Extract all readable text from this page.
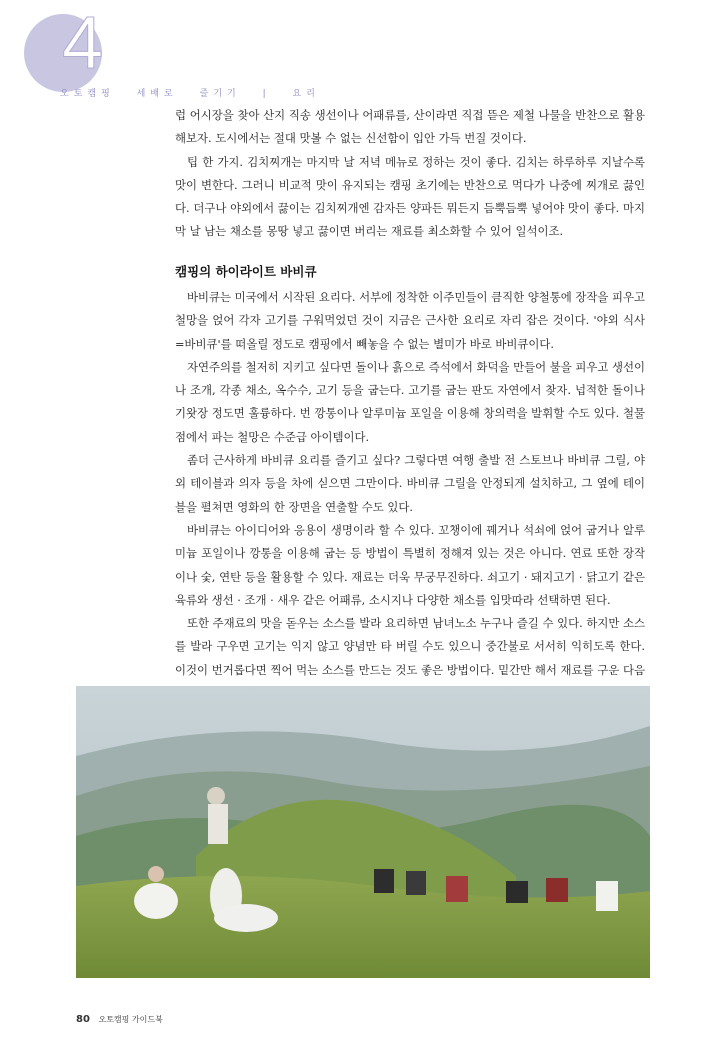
4
오토캠핑 세배로 즐기기 | 요리

럽 어시장을 찾아 산지 직송 생선이나 어패류를, 산이라면 직접 뜯은 제철 나물을 반찬으로 활용해보자. 도시에서는 절대 맛볼 수 없는 신선함이 입안 가득 번질 것이다.

팁 한 가지. 김치찌개는 마지막 날 저녁 메뉴로 정하는 것이 좋다. 김치는 하루하루 지날수록 맛이 변한다. 그러니 비교적 맛이 유지되는 캠핑 초기에는 반찬으로 먹다가 나중에 찌개로 끓인다. 더구나 야외에서 끓이는 김치찌개엔 감자든 양파든 뭐든지 듬뿍듬뿍 넣어야 맛이 좋다. 마지막 날 남는 채소를 몽땅 넣고 끓이면 버리는 재료를 최소화할 수 있어 일석이조.

캠핑의 하이라이트 바비큐

바비큐는 미국에서 시작된 요리다. 서부에 정착한 이주민들이 큼직한 양철통에 장작을 피우고 철망을 얹어 각자 고기를 구워먹었던 것이 지금은 근사한 요리로 자리 잡은 것이다. '야외 식사=바비큐'를 떠올릴 정도로 캠핑에서 빼놓을 수 없는 별미가 바로 바비큐이다.

자연주의를 철저히 지키고 싶다면 돌이나 흙으로 즉석에서 화덕을 만들어 불을 피우고 생선이나 조개, 각종 채소, 옥수수, 고기 등을 굽는다. 고기를 굽는 판도 자연에서 찾자. 넙적한 돌이나 기왓장 정도면 훌륭하다. 번 깡통이나 알루미늄 포일을 이용해 창의력을 발휘할 수도 있다. 철물점에서 파는 철망은 수준급 아이템이다.

좀더 근사하게 바비큐 요리를 즐기고 싶다? 그렇다면 여행 출발 전 스토브나 바비큐 그릴, 야외 테이블과 의자 등을 차에 싣으면 그만이다. 바비큐 그릴을 안정되게 설치하고, 그 옆에 테이블을 펼쳐면 영화의 한 장면을 연출할 수도 있다.

바비큐는 아이디어와 응용이 생명이라 할 수 있다. 꼬챙이에 꿰거나 석쇠에 얹어 굽거나 알루미늄 포일이나 깡통을 이용해 굽는 등 방법이 특별히 정해져 있는 것은 아니다. 연료 또한 장작이나 숯, 연탄 등을 활용할 수 있다. 재료는 더욱 무궁무진하다. 쇠고기 · 돼지고기 · 닭고기 같은 육류와 생선 · 조개 · 새우 같은 어패류, 소시지나 다양한 채소를 입맛따라 선택하면 된다.

또한 주재료의 맛을 돋우는 소스를 발라 요리하면 남녀노소 누구나 즐길 수 있다. 하지만 소스를 발라 구우면 고기는 익지 않고 양념만 타 버릴 수도 있으니 중간불로 서서히 익히도록 한다. 이것이 번거롭다면 찍어 먹는 소스를 만드는 것도 좋은 방법이다. 밑간만 해서 재료를 구운 다음

80 오토캠핑 가이드북
